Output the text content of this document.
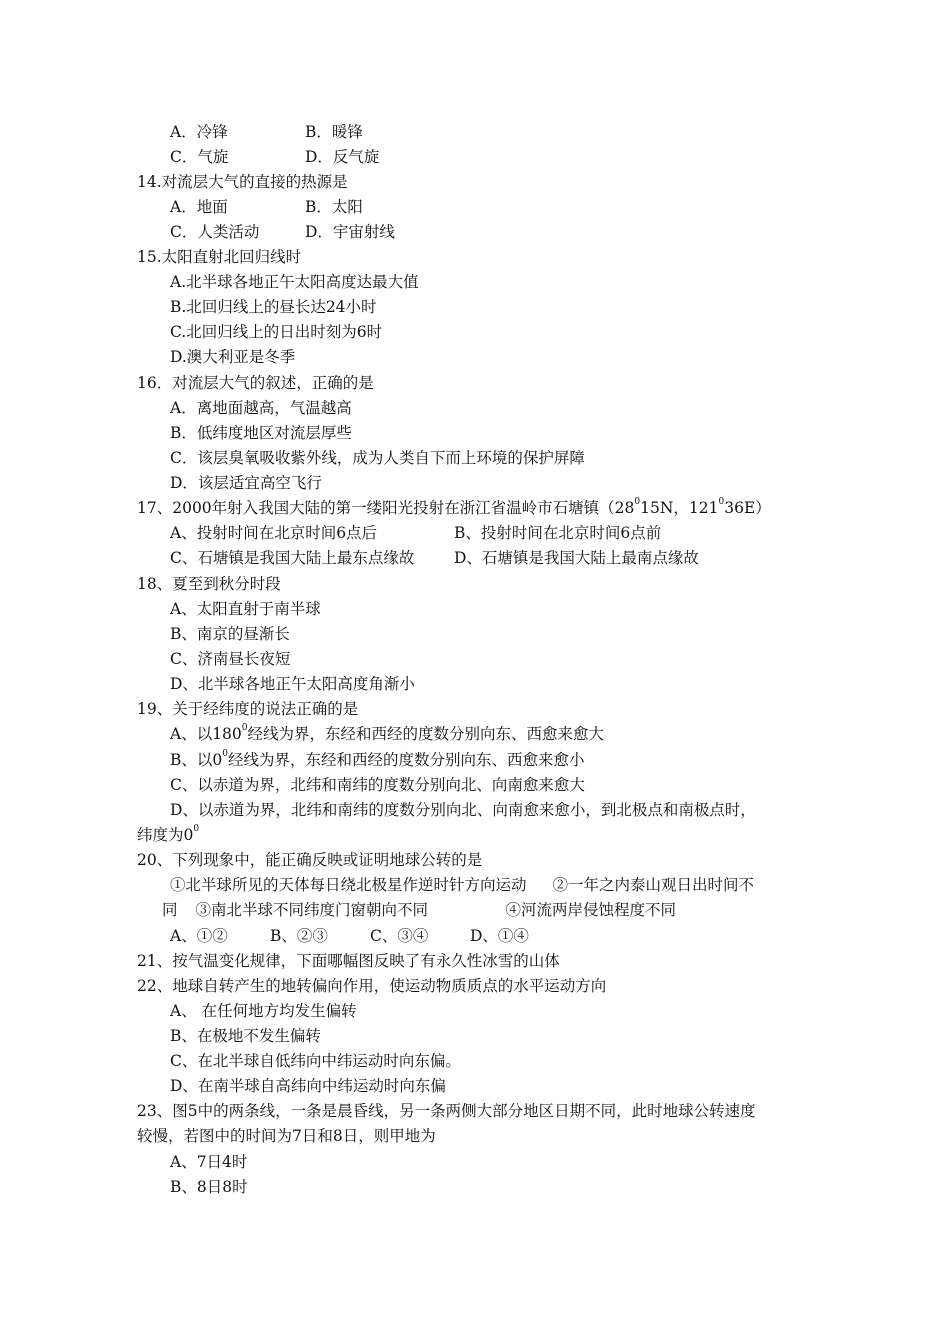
A．冷锋	B．暖锋
C．气旋	D．反气旋
14.对流层大气的直接的热源是
A．地面	B．太阳
C．人类活动	D．宇宙射线
15.太阳直射北回归线时
A.北半球各地正午太阳高度达最大值
B.北回归线上的昼长达24小时
C.北回归线上的日出时刻为6时
D.澳大利亚是冬季
16．对流层大气的叙述，正确的是
A．离地面越高，气温越高
B．低纬度地区对流层厚些
C．该层臭氧吸收紫外线，成为人类自下而上环境的保护屏障
D．该层适宜高空飞行
17、2000年射入我国大陆的第一缕阳光投射在浙江省温岭市石塘镇（$28^015N$，$121^036E$）
A、投射时间在北京时间6点后	B、投射时间在北京时间6点前
C、石塘镇是我国大陆上最东点缘故	D、石塘镇是我国大陆上最南点缘故
18、夏至到秋分时段
A、太阳直射于南半球
B、南京的昼渐长
C、济南昼长夜短
D、北半球各地正午太阳高度角渐小
19、关于经纬度的说法正确的是
A、以$180^0$经线为界，东经和西经的度数分别向东、西愈来愈大
B、以$0^0$经线为界，东经和西经的度数分别向东、西愈来愈小
C、以赤道为界，北纬和南纬的度数分别向北、向南愈来愈大
D、以赤道为界，北纬和南纬的度数分别向北、向南愈来愈小，到北极点和南极点时，
纬度为$0^0$
20、下列现象中，能正确反映或证明地球公转的是
①北半球所见的天体每日绕北极星作逆时针方向运动 ②一年之内泰山观日出时间不
同 ③南北半球不同纬度门窗朝向不同	④河流两岸侵蚀程度不同
A、①②	B、②③	C、③④	D、①④
21、按气温变化规律，下面哪幅图反映了有永久性冰雪的山体
22、地球自转产生的地转偏向作用，使运动物质质点的水平运动方向
A、 在任何地方均发生偏转
B、在极地不发生偏转
C、在北半球自低纬向中纬运动时向东偏。
D、在南半球自高纬向中纬运动时向东偏
23、图5中的两条线，一条是晨昏线，另一条两侧大部分地区日期不同，此时地球公转速度
较慢，若图中的时间为7日和8日，则甲地为
A、7日4时
B、8日8时
